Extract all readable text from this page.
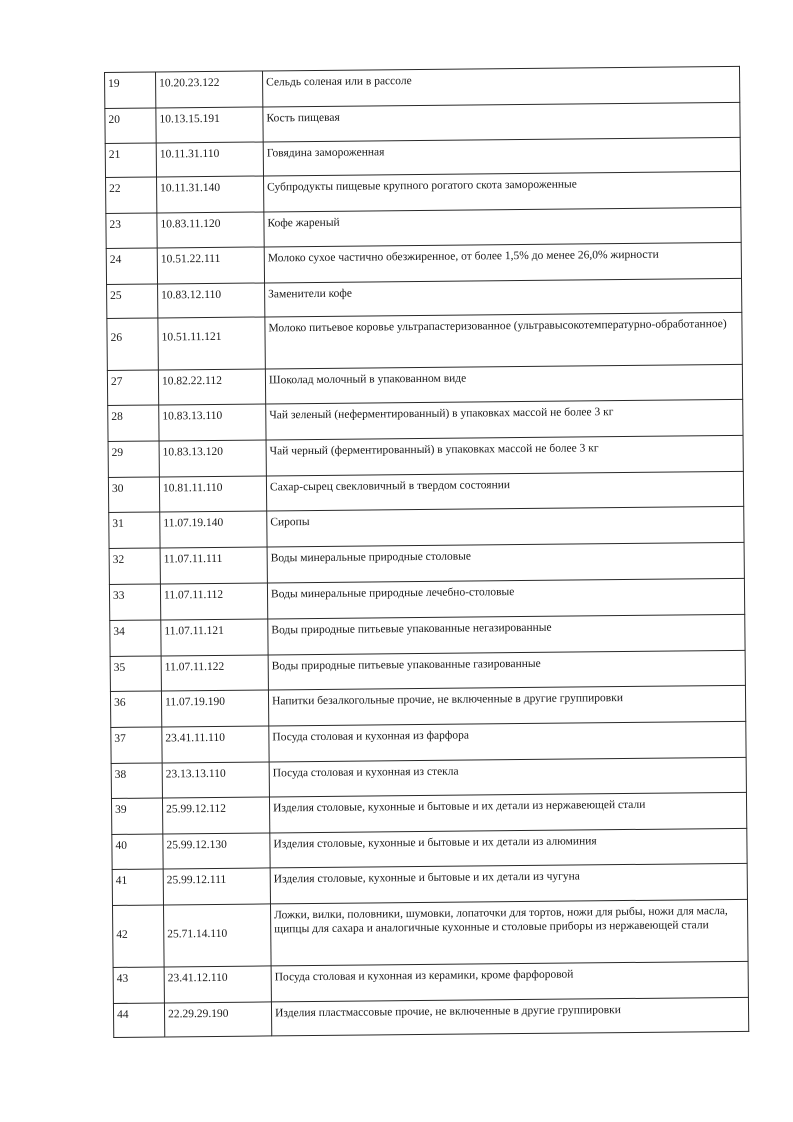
19	10.20.23.122	Сельдь соленая или в рассоле
20	10.13.15.191	Кость пищевая
21	10.11.31.110	Говядина замороженная
22	10.11.31.140	Субпродукты пищевые крупного рогатого скота замороженные
23	10.83.11.120	Кофе жареный
24	10.51.22.111	Молоко сухое частично обезжиренное, от более 1,5% до менее 26,0% жирности
25	10.83.12.110	Заменители кофе
26	10.51.11.121	Молоко питьевое коровье ультрапастеризованное (ультравысокотемпературно-обработанное)
27	10.82.22.112	Шоколад молочный в упакованном виде
28	10.83.13.110	Чай зеленый (неферментированный) в упаковках массой не более 3 кг
29	10.83.13.120	Чай черный (ферментированный) в упаковках массой не более 3 кг
30	10.81.11.110	Сахар-сырец свекловичный в твердом состоянии
31	11.07.19.140	Сиропы
32	11.07.11.111	Воды минеральные природные столовые
33	11.07.11.112	Воды минеральные природные лечебно-столовые
34	11.07.11.121	Воды природные питьевые упакованные негазированные
35	11.07.11.122	Воды природные питьевые упакованные газированные
36	11.07.19.190	Напитки безалкогольные прочие, не включенные в другие группировки
37	23.41.11.110	Посуда столовая и кухонная из фарфора
38	23.13.13.110	Посуда столовая и кухонная из стекла
39	25.99.12.112	Изделия столовые, кухонные и бытовые и их детали из нержавеющей стали
40	25.99.12.130	Изделия столовые, кухонные и бытовые и их детали из алюминия
41	25.99.12.111	Изделия столовые, кухонные и бытовые и их детали из чугуна
42	25.71.14.110	Ложки, вилки, половники, шумовки, лопаточки для тортов, ножи для рыбы, ножи для масла, щипцы для сахара и аналогичные кухонные и столовые приборы из нержавеющей стали
43	23.41.12.110	Посуда столовая и кухонная из керамики, кроме фарфоровой
44	22.29.29.190	Изделия пластмассовые прочие, не включенные в другие группировки
